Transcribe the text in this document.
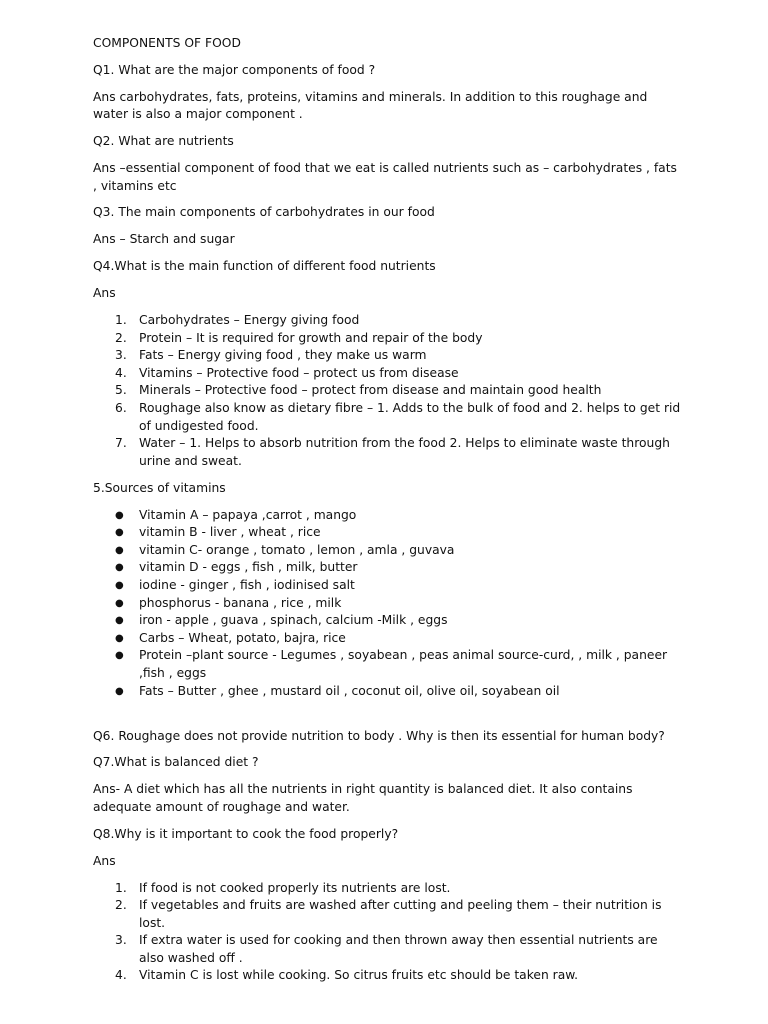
COMPONENTS OF FOOD

Q1. What are the major components of food ?

Ans carbohydrates, fats, proteins, vitamins and minerals. In addition to this roughage and water is also a major component .

Q2. What are nutrients

Ans –essential component of food that we eat is called nutrients such as – carbohydrates , fats , vitamins etc

Q3. The main components of carbohydrates in our food

Ans – Starch and sugar

Q4.What is the main function of different food nutrients

Ans

1. Carbohydrates – Energy giving food
2. Protein – It is required for growth and repair of the body
3. Fats – Energy giving food , they make us warm
4. Vitamins – Protective food – protect us from disease
5. Minerals – Protective food – protect from disease and maintain good health
6. Roughage also know as dietary fibre – 1. Adds to the bulk of food and 2. helps to get rid of undigested food.
7. Water – 1. Helps to absorb nutrition from the food 2. Helps to eliminate waste through urine and sweat.

5.Sources of vitamins

● Vitamin A – papaya ,carrot , mango
● vitamin B - liver , wheat , rice
● vitamin C- orange , tomato , lemon , amla , guvava
● vitamin D - eggs , fish , milk, butter
● iodine - ginger , fish , iodinised salt
● phosphorus - banana , rice , milk
● iron - apple , guava , spinach, calcium -Milk , eggs
● Carbs – Wheat, potato, bajra, rice
● Protein –plant source - Legumes , soyabean , peas animal source-curd, , milk , paneer ,fish , eggs
● Fats – Butter , ghee , mustard oil , coconut oil, olive oil, soyabean oil

Q6. Roughage does not provide nutrition to body . Why is then its essential for human body?

Q7.What is balanced diet ?

Ans- A diet which has all the nutrients in right quantity is balanced diet. It also contains adequate amount of roughage and water.

Q8.Why is it important to cook the food properly?

Ans

1. If food is not cooked properly its nutrients are lost.
2. If vegetables and fruits are washed after cutting and peeling them – their nutrition is lost.
3. If extra water is used for cooking and then thrown away then essential nutrients are also washed off .
4. Vitamin C is lost while cooking. So citrus fruits etc should be taken raw.
